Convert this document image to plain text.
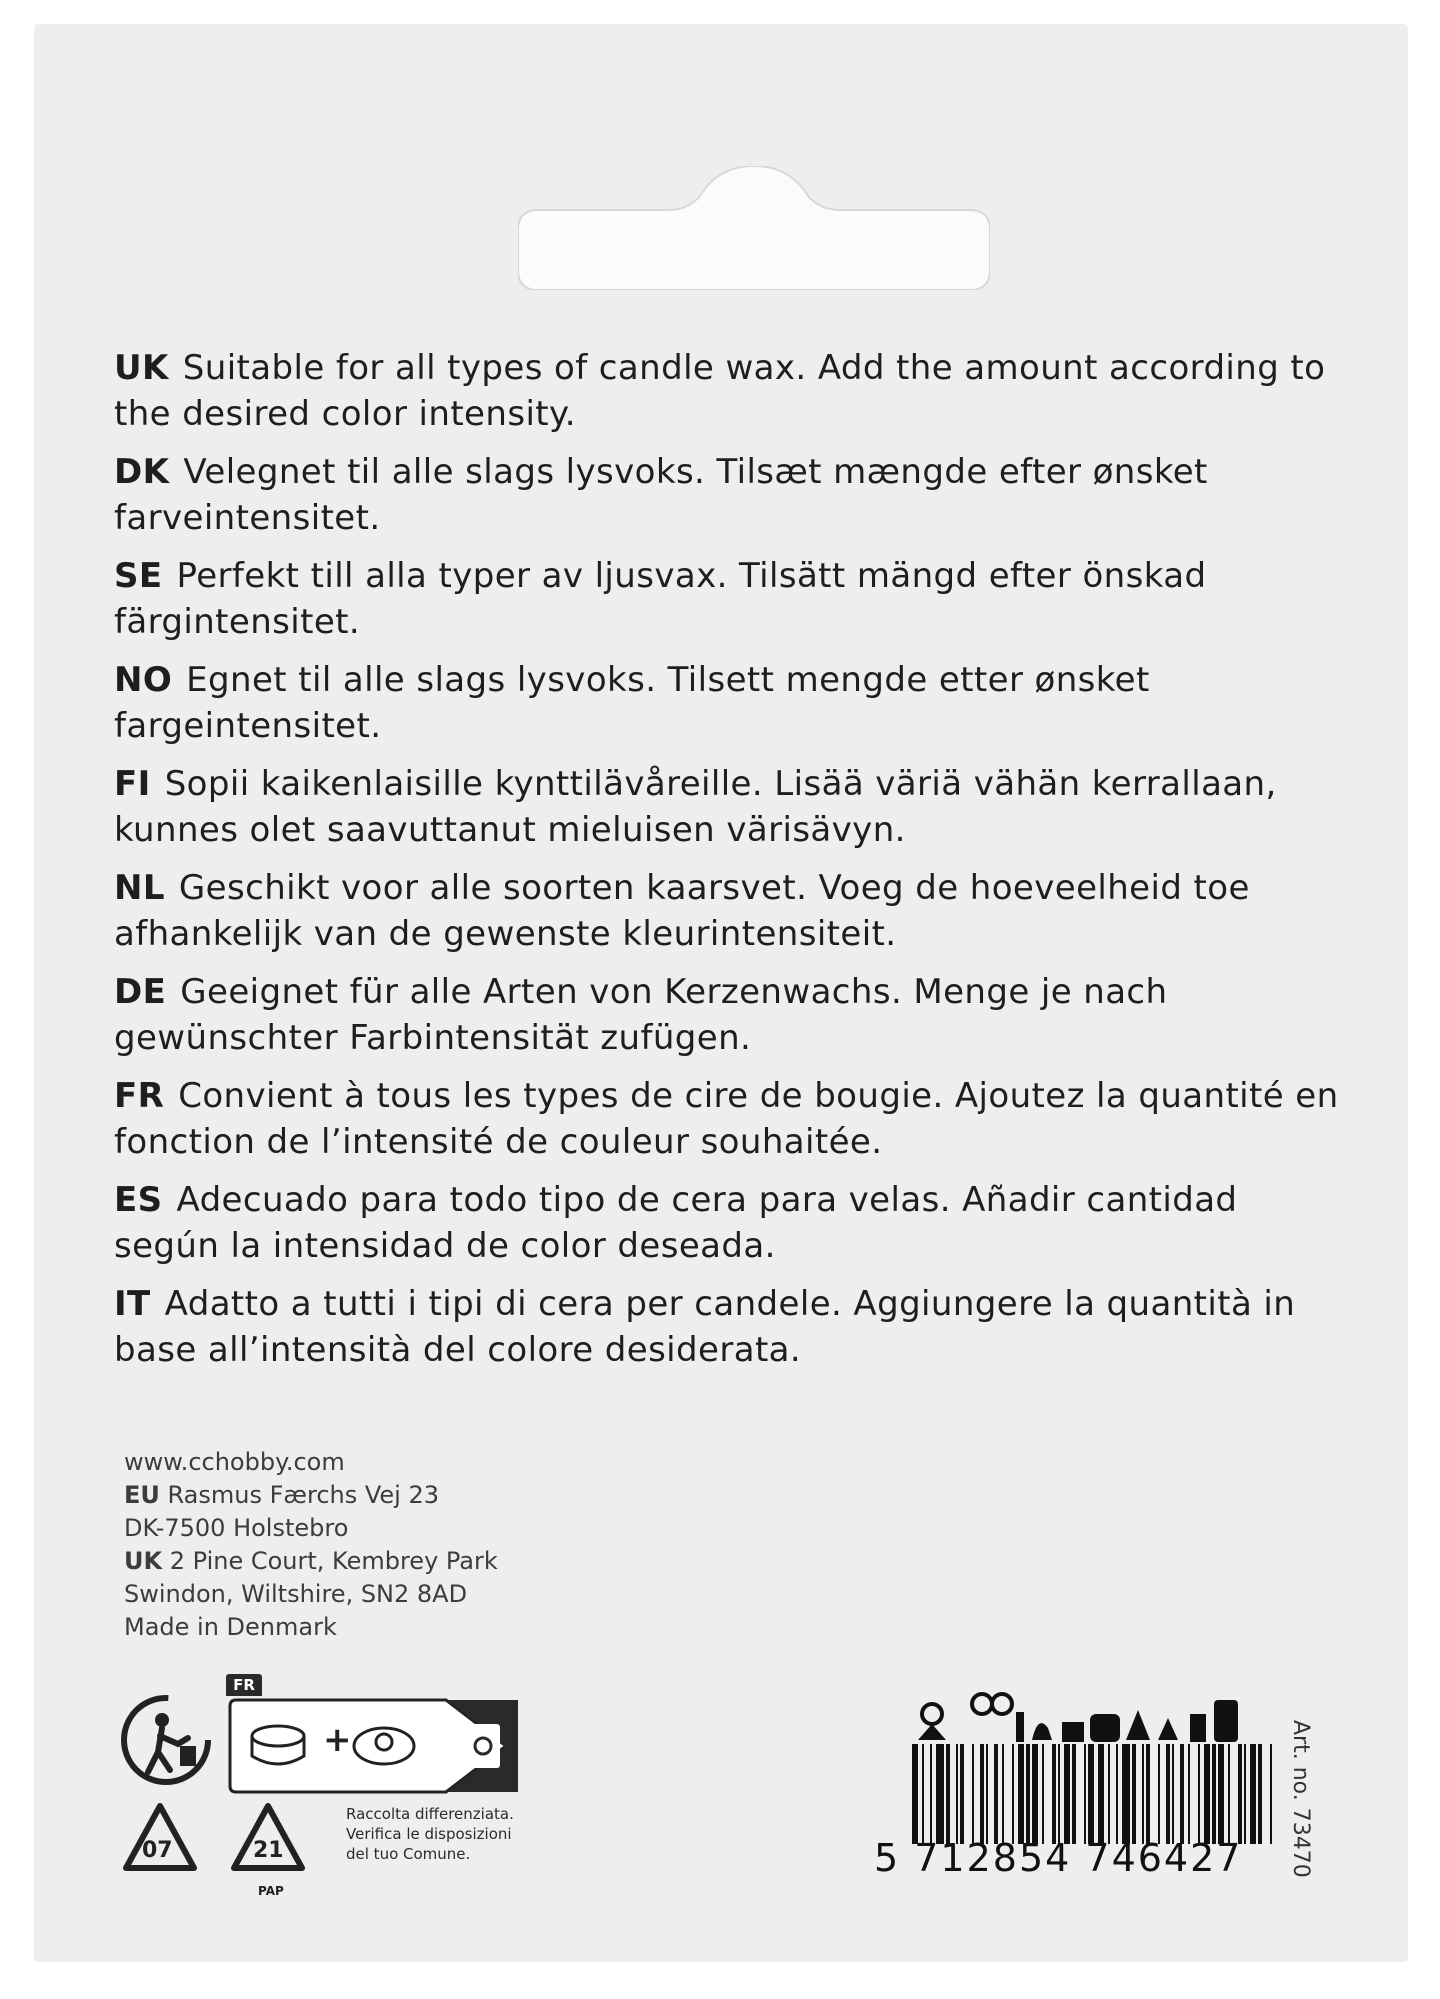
UK Suitable for all types of candle wax. Add the amount according to the desired color intensity.
DK Velegnet til alle slags lysvoks. Tilsæt mængde efter ønsket farveintensitet.
SE Perfekt till alla typer av ljusvax. Tilsätt mängd efter önskad färgintensitet.
NO Egnet til alle slags lysvoks. Tilsett mengde etter ønsket fargeintensitet.
FI Sopii kaikenlaisille kynttilävåreille. Lisää väriä vähän kerrallaan, kunnes olet saavuttanut mieluisen värisävyn.
NL Geschikt voor alle soorten kaarsvet. Voeg de hoeveelheid toe afhankelijk van de gewenste kleurintensiteit.
DE Geeignet für alle Arten von Kerzenwachs. Menge je nach gewünschter Farbintensität zufügen.
FR Convient à tous les types de cire de bougie. Ajoutez la quantité en fonction de l’intensité de couleur souhaitée.
ES Adecuado para todo tipo de cera para velas. Añadir cantidad según la intensidad de color deseada.
IT Adatto a tutti i tipi di cera per candele. Aggiungere la quantità in base all’intensità del colore desiderata.
www.cchobby.com
EU Rasmus Færchs Vej 23
DK-7500 Holstebro
UK 2 Pine Court, Kembrey Park
Swindon, Wiltshire, SN2 8AD
Made in Denmark
FR
+
07	21
PAP
Raccolta differenziata.
Verifica le disposizioni
del tuo Comune.	5 712854 746427 Art. no. 73470
